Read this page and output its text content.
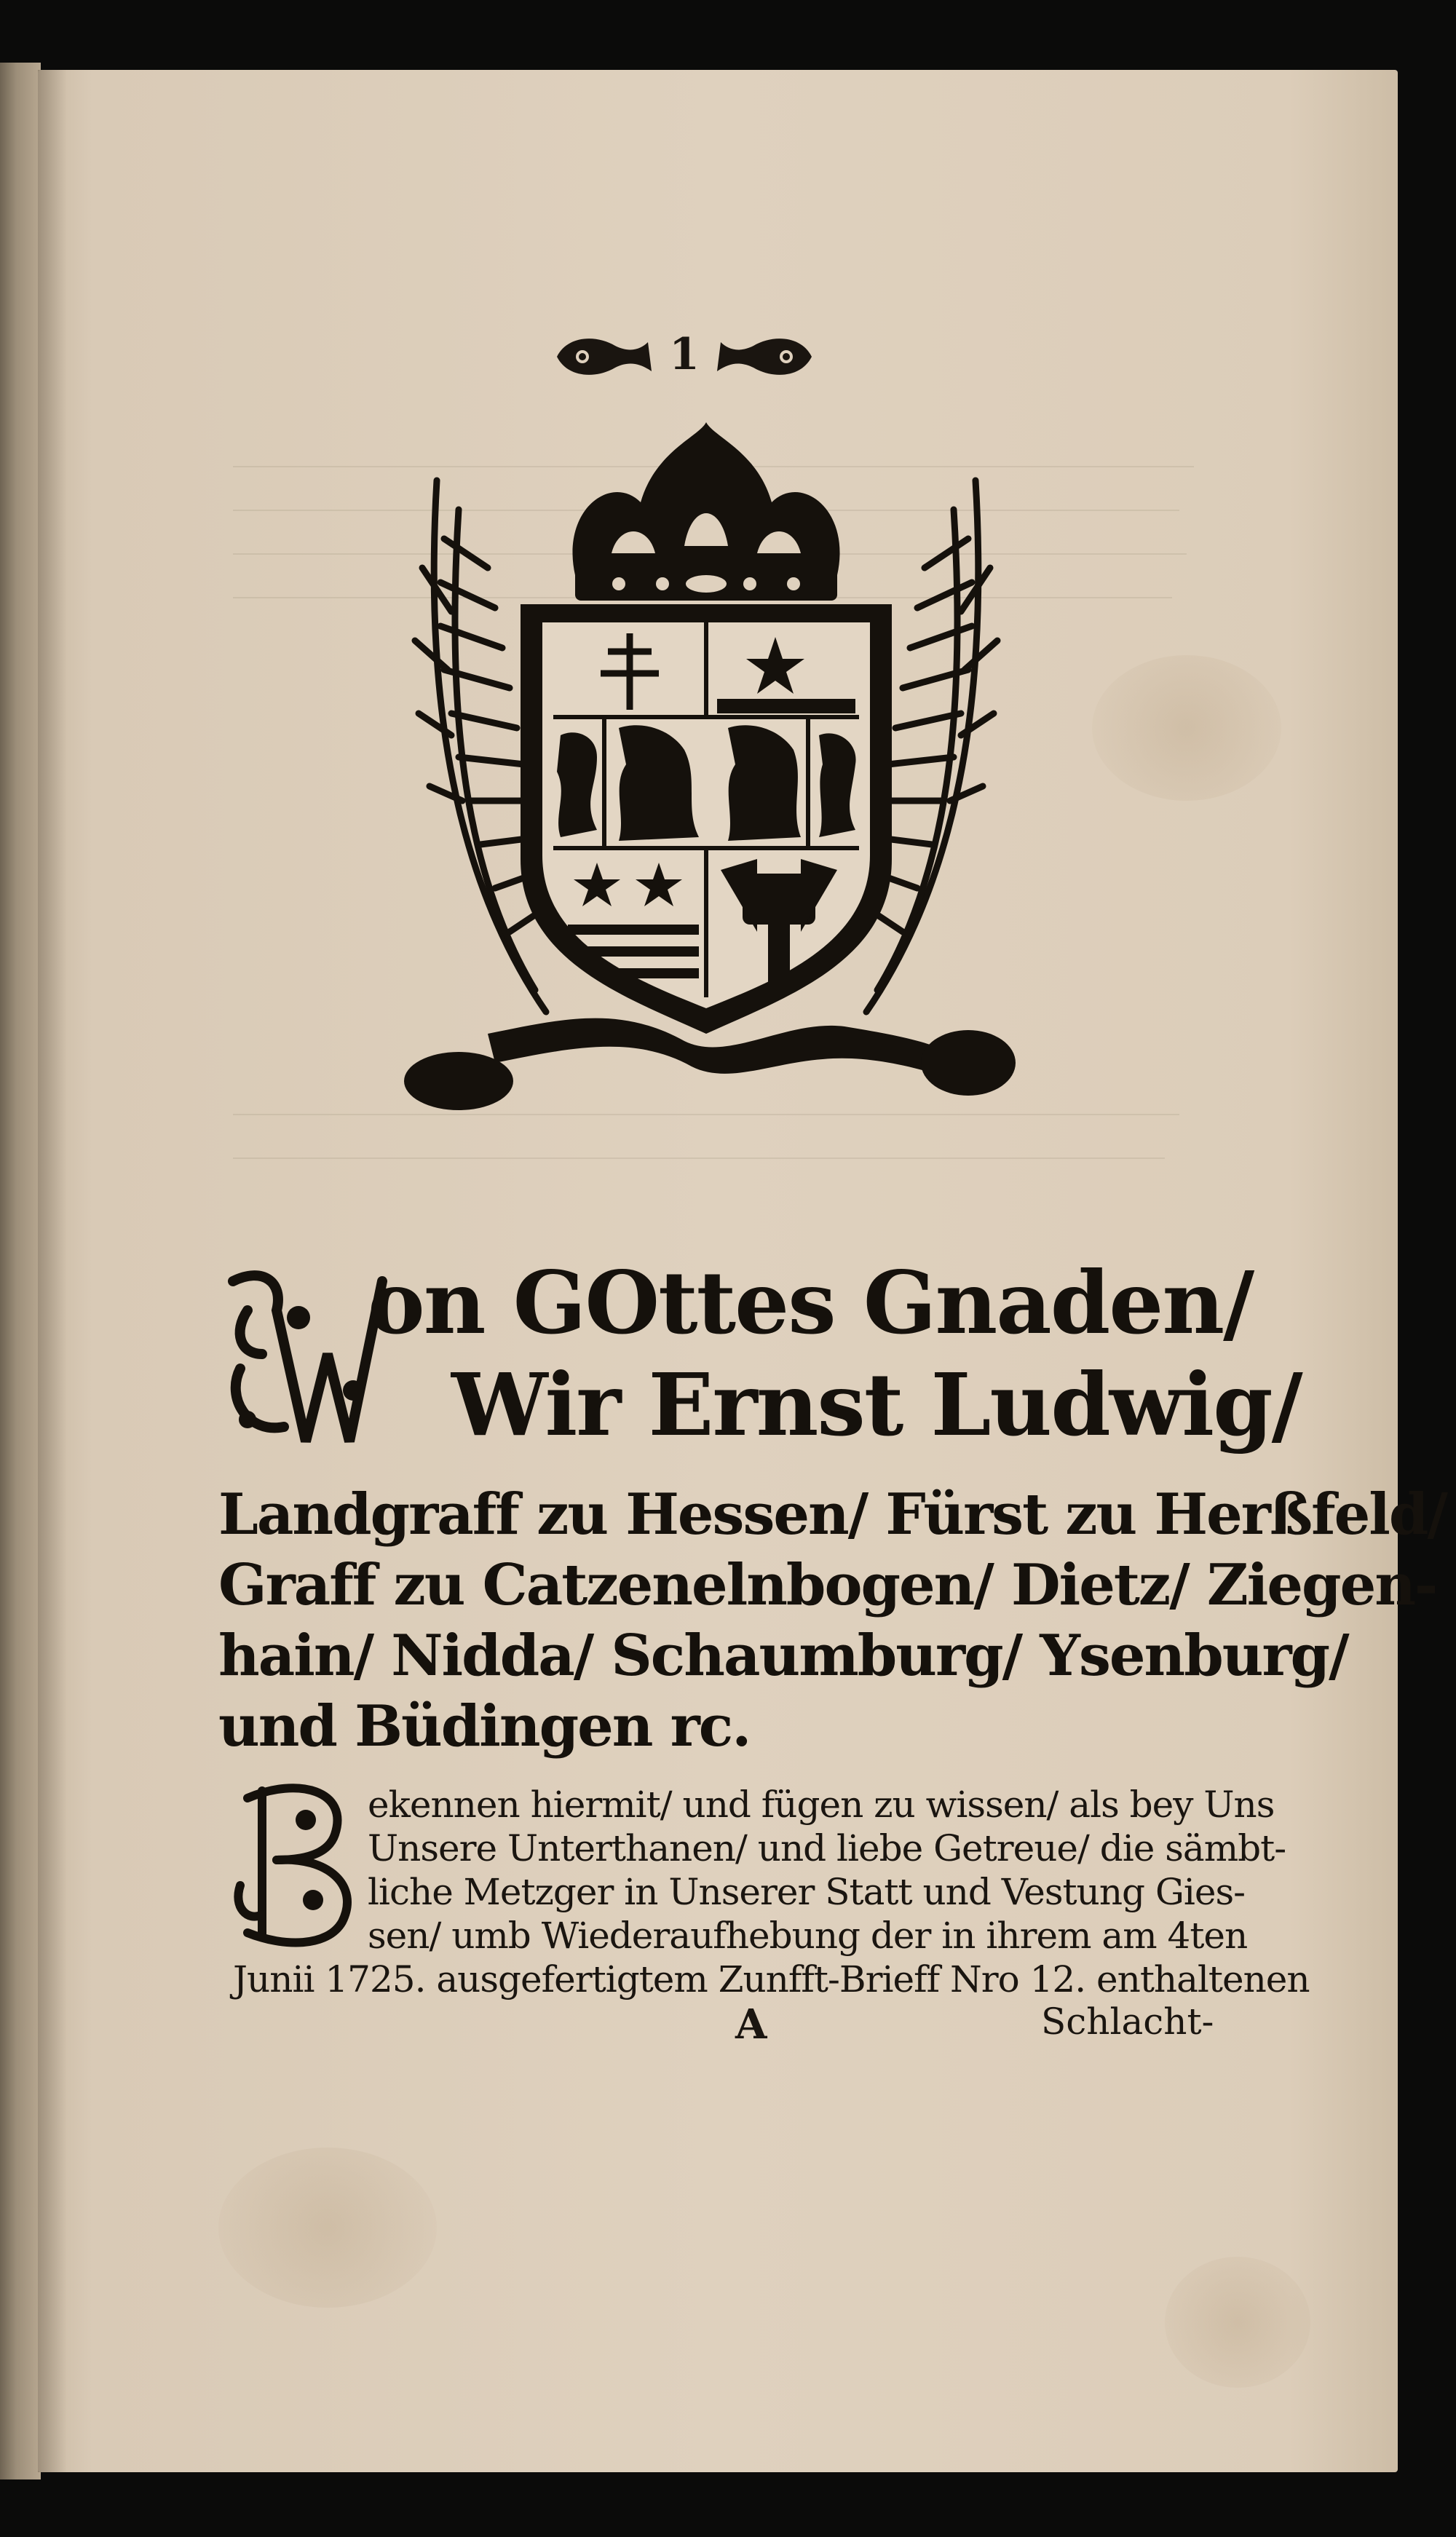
1
on GOttes Gnaden/
Wir Ernst Ludwig/
Landgraff zu Hessen/ Fürst zu Herßfeld/
Graff zu Catzenelnbogen/ Dietz/ Ziegen-
hain/ Nidda/ Schaumburg/ Ysenburg/
und Büdingen rc.
ekennen hiermit/ und fügen zu wissen/ als bey Uns
Unsere Unterthanen/ und liebe Getreue/ die sämbt-
liche Metzger in Unserer Statt und Vestung Gies-
sen/ umb Wiederaufhebung der in ihrem am 4ten
Junii 1725. ausgefertigtem Zunfft-Brieff Nro 12. enthaltenen
A	Schlacht-
